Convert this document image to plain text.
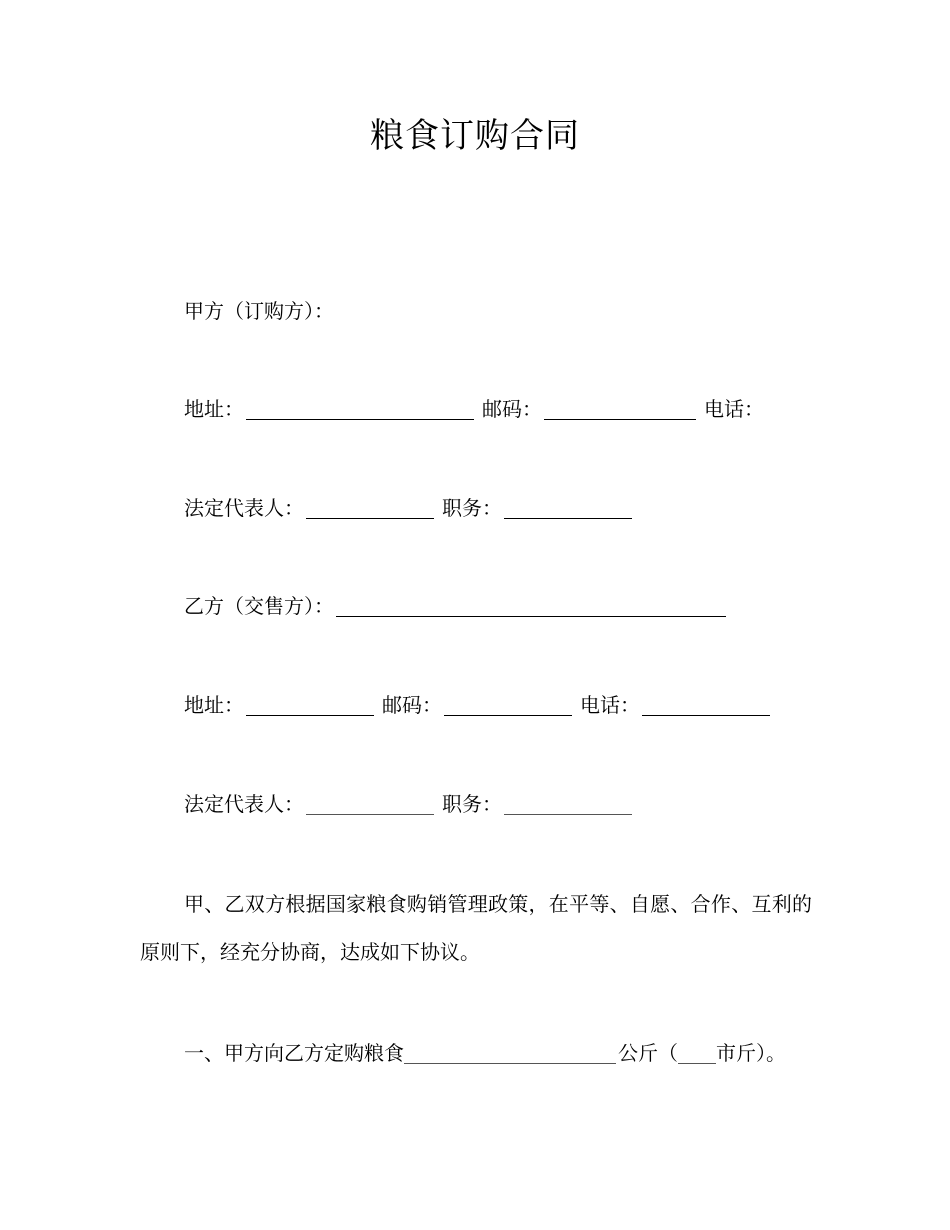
粮食订购合同
甲方（订购方）：
地址：	邮码：	电话：
法定代表人：	职务：
乙方（交售方）：
地址：	邮码：	电话：
法定代表人：	职务：
甲、乙双方根据国家粮食购销管理政策，在平等、自愿、合作、互利的原则下，经充分协商，达成如下协议。
一、甲方向乙方定购粮食	公斤（ 市斤）。
